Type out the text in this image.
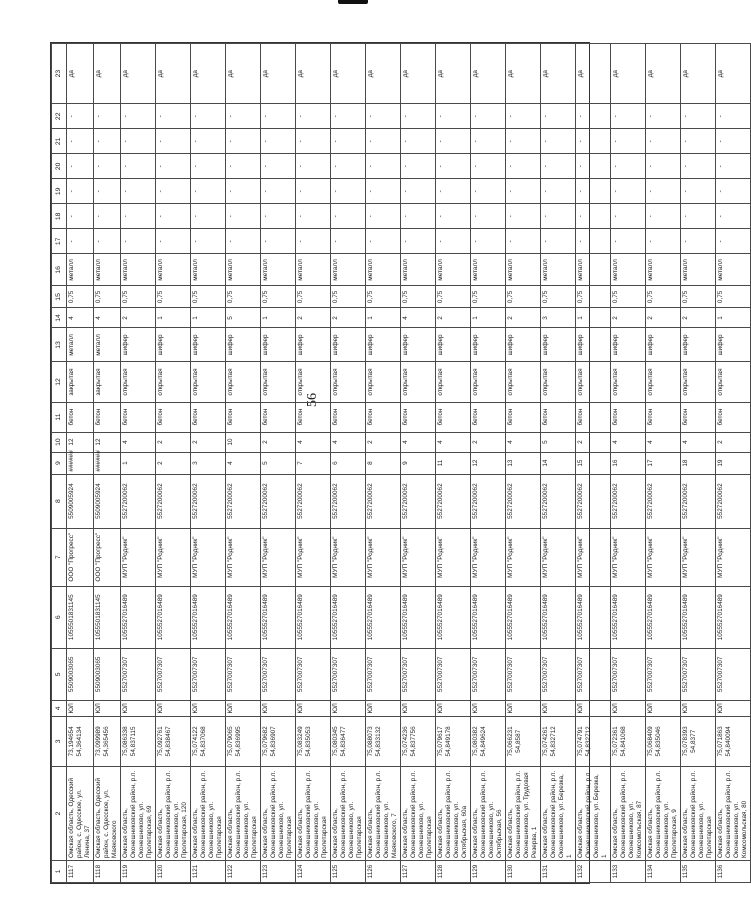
56
1	2	3	4	5	6	7	8	9	10	11	12	13	14	15	16	17	18	19	20	21	22	23
1117	Омская область, Одесский район, с. Одесское, ул. Ленина, 37	73,194654 54,364134	ЮЛ	5509003065	1055501831145	ООО "Прогресс"	5509005924	######	12	бетон	закрытая	металл	4	0,75	металл	-	-	-	-	-	-	да
1118	Омская область, Одесский район, с. Одесское, ул. Маяковского	73,099989 54,365456	ЮЛ	5509003065	1055501831145	ООО "Прогресс"	5509005924	######	12	бетон	закрытая	металл	4	0,75	металл	-	-	-	-	-	-	да
1119	Омская область, Оконешниковский район, р.п. Оконешниково, ул. Пролетарская, 69	75,086338 54,837115	ЮЛ	5527007307	1055527016489	МУП "Родник"	5527200062	1	4	бетон	открытая	шифер	2	0,75	металл	-	-	-	-	-	-	да
1120	Омская область, Оконешниковский район, р.п. Оконешниково, ул. Пролетарская, 120	75,092761 54,838467	ЮЛ	5527007307	1055527016489	МУП "Родник"	5527200062	2	2	бетон	открытая	шифер	1	0,75	металл	-	-	-	-	-	-	да
1121	Омская область, Оконешниковский район, р.п. Оконешниково, ул. Пролетарская	75,074122 54,837068	ЮЛ	5527007307	1055527016489	МУП "Родник"	5527200062	3	2	бетон	открытая	шифер	1	0,75	металл	-	-	-	-	-	-	да
1122	Омская область, Оконешниковский район, р.п. Оконешниково, ул. Пролетарская	75,079065 54,836995	ЮЛ	5527007307	1055527016489	МУП "Родник"	5527200062	4	10	бетон	открытая	шифер	5	0,75	металл	-	-	-	-	-	-	да
1123	Омская область, Оконешниковский район, р.п. Оконешниково, ул. Пролетарская	75,079682 54,836907	ЮЛ	5527007307	1055527016489	МУП "Родник"	5527200062	5	2	бетон	открытая	шифер	1	0,75	металл	-	-	-	-	-	-	да
1124	Омская область, Оконешниковский район, р.п. Оконешниково, ул. Пролетарская	75,083249 54,835053	ЮЛ	5527007307	1055527016489	МУП "Родник"	5527200062	7	4	бетон	открытая	шифер	2	0,75	металл	-	-	-	-	-	-	да
1125	Омская область, Оконешниковский район, р.п. Оконешниково, ул. Пролетарская	75,080345 54,836477	ЮЛ	5527007307	1055527016489	МУП "Родник"	5527200062	6	4	бетон	открытая	шифер	2	0,75	металл	-	-	-	-	-	-	да
1126	Омская область, Оконешниковский район, р.п. Оконешниково, ул. Маяковского, 7	75,088073 54,833132	ЮЛ	5527007307	1055527016489	МУП "Родник"	5527200062	8	2	бетон	открытая	шифер	1	0,75	металл	-	-	-	-	-	-	да
1127	Омская область, Оконешниковский район, р.п. Оконешниково, ул. Пролетарская	75,074236 54,837756	ЮЛ	5527007307	1055527016489	МУП "Родник"	5527200062	9	4	бетон	открытая	шифер	4	0,75	металл	-	-	-	-	-	-	да
1128	Омская область, Оконешниковский район, р.п. Оконешниково, ул. Октябрьская, 60а	75,079617 54,849178	ЮЛ	5527007307	1055527016489	МУП "Родник"	5527200062	11	4	бетон	открытая	шифер	2	0,75	металл	-	-	-	-	-	-	да
1129	Омская область, Оконешниковский район, р.п. Оконешниково, ул. Октябрьская, 56	75,080382 54,849624	ЮЛ	5527007307	1055527016489	МУП "Родник"	5527200062	12	2	бетон	открытая	шифер	1	0,75	металл	-	-	-	-	-	-	да
1130	Омская область, Оконешниковский район, р.п. Оконешниково, ул. Трудовая Резерва, 1	75,066231 54,8587	ЮЛ	5527007307	1055527016489	МУП "Родник"	5527200062	13	4	бетон	открытая	шифер	2	0,75	металл	-	-	-	-	-	-	да
1131	Омская область, Оконешниковский район, р.п. Оконешниково, ул. Березка, 1	75,074261 54,832712	ЮЛ	5527007307	1055527016489	МУП "Родник"	5527200062	14	5	бетон	открытая	шифер	3	0,75	металл	-	-	-	-	-	-	да
1132	Омская область, Оконешниковский район, р.п. Оконешниково, ул. Березка, 1	75,074791 54,832712	ЮЛ	5527007307	1055527016489	МУП "Родник"	5527200062	15	2	бетон	открытая	шифер	1	0,75	металл	-	-	-	-	-	-	да
1133	Омская область, Оконешниковский район, р.п. Оконешниково, ул. Комсомольская, 87	75,072361 54,841068	ЮЛ	5527007307	1055527016489	МУП "Родник"	5527200062	16	4	бетон	открытая	шифер	2	0,75	металл	-	-	-	-	-	-	да
1134	Омская область, Оконешниковский район, р.п. Оконешниково, ул. Пролетарская, 9	75,068409 54,835046	ЮЛ	5527007307	1055527016489	МУП "Родник"	5527200062	17	4	бетон	открытая	шифер	2	0,75	металл	-	-	-	-	-	-	да
1135	Омская область, Оконешниковский район, р.п. Оконешниково, ул. Пролетарская	75,078393 54,8377	ЮЛ	5527007307	1055527016489	МУП "Родник"	5527200062	18	4	бетон	открытая	шифер	2	0,75	металл	-	-	-	-	-	-	да
1136	Омская область, Оконешниковский район, р.п. Оконешниково, ул. Комсомольская, 80	75,071863 54,840094	ЮЛ	5527007307	1055527016489	МУП "Родник"	5527200062	19	2	бетон	открытая	шифер	1	0,75	металл	-	-	-	-	-	-	да
